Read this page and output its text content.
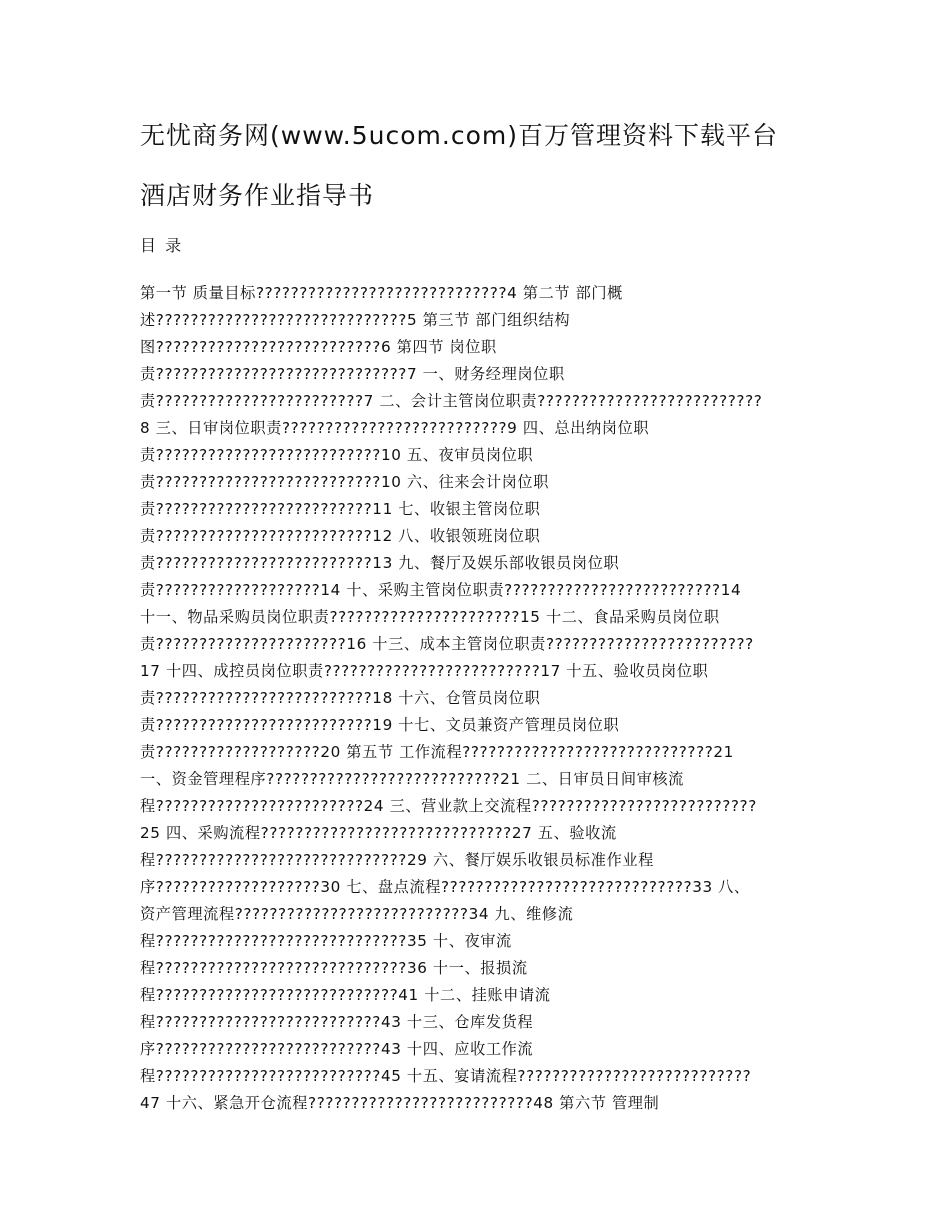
无忧商务网(www.5ucom.com)百万管理资料下载平台
酒店财务作业指导书
目 录
第一节 质量目标?????????????????????????????4 第二节 部门概
述?????????????????????????????5 第三节 部门组织结构
图??????????????????????????6 第四节 岗位职
责?????????????????????????????7 一、财务经理岗位职
责????????????????????????7 二、会计主管岗位职责??????????????????????????
8 三、日审岗位职责??????????????????????????9 四、总出纳岗位职
责??????????????????????????10 五、夜审员岗位职
责??????????????????????????10 六、往来会计岗位职
责?????????????????????????11 七、收银主管岗位职
责?????????????????????????12 八、收银领班岗位职
责?????????????????????????13 九、餐厅及娱乐部收银员岗位职
责???????????????????14 十、采购主管岗位职责?????????????????????????14
十一、物品采购员岗位职责??????????????????????15 十二、食品采购员岗位职
责??????????????????????16 十三、成本主管岗位职责????????????????????????
17 十四、成控员岗位职责?????????????????????????17 十五、验收员岗位职
责?????????????????????????18 十六、仓管员岗位职
责?????????????????????????19 十七、文员兼资产管理员岗位职
责???????????????????20 第五节 工作流程?????????????????????????????21
一、资金管理程序???????????????????????????21 二、日审员日间审核流
程????????????????????????24 三、营业款上交流程??????????????????????????
25 四、采购流程?????????????????????????????27 五、验收流
程?????????????????????????????29 六、餐厅娱乐收银员标准作业程
序???????????????????30 七、盘点流程?????????????????????????????33 八、
资产管理流程???????????????????????????34 九、维修流
程?????????????????????????????35 十、夜审流
程?????????????????????????????36 十一、报损流
程????????????????????????????41 十二、挂账申请流
程??????????????????????????43 十三、仓库发货程
序??????????????????????????43 十四、应收工作流
程??????????????????????????45 十五、宴请流程???????????????????????????
47 十六、紧急开仓流程??????????????????????????48 第六节 管理制
